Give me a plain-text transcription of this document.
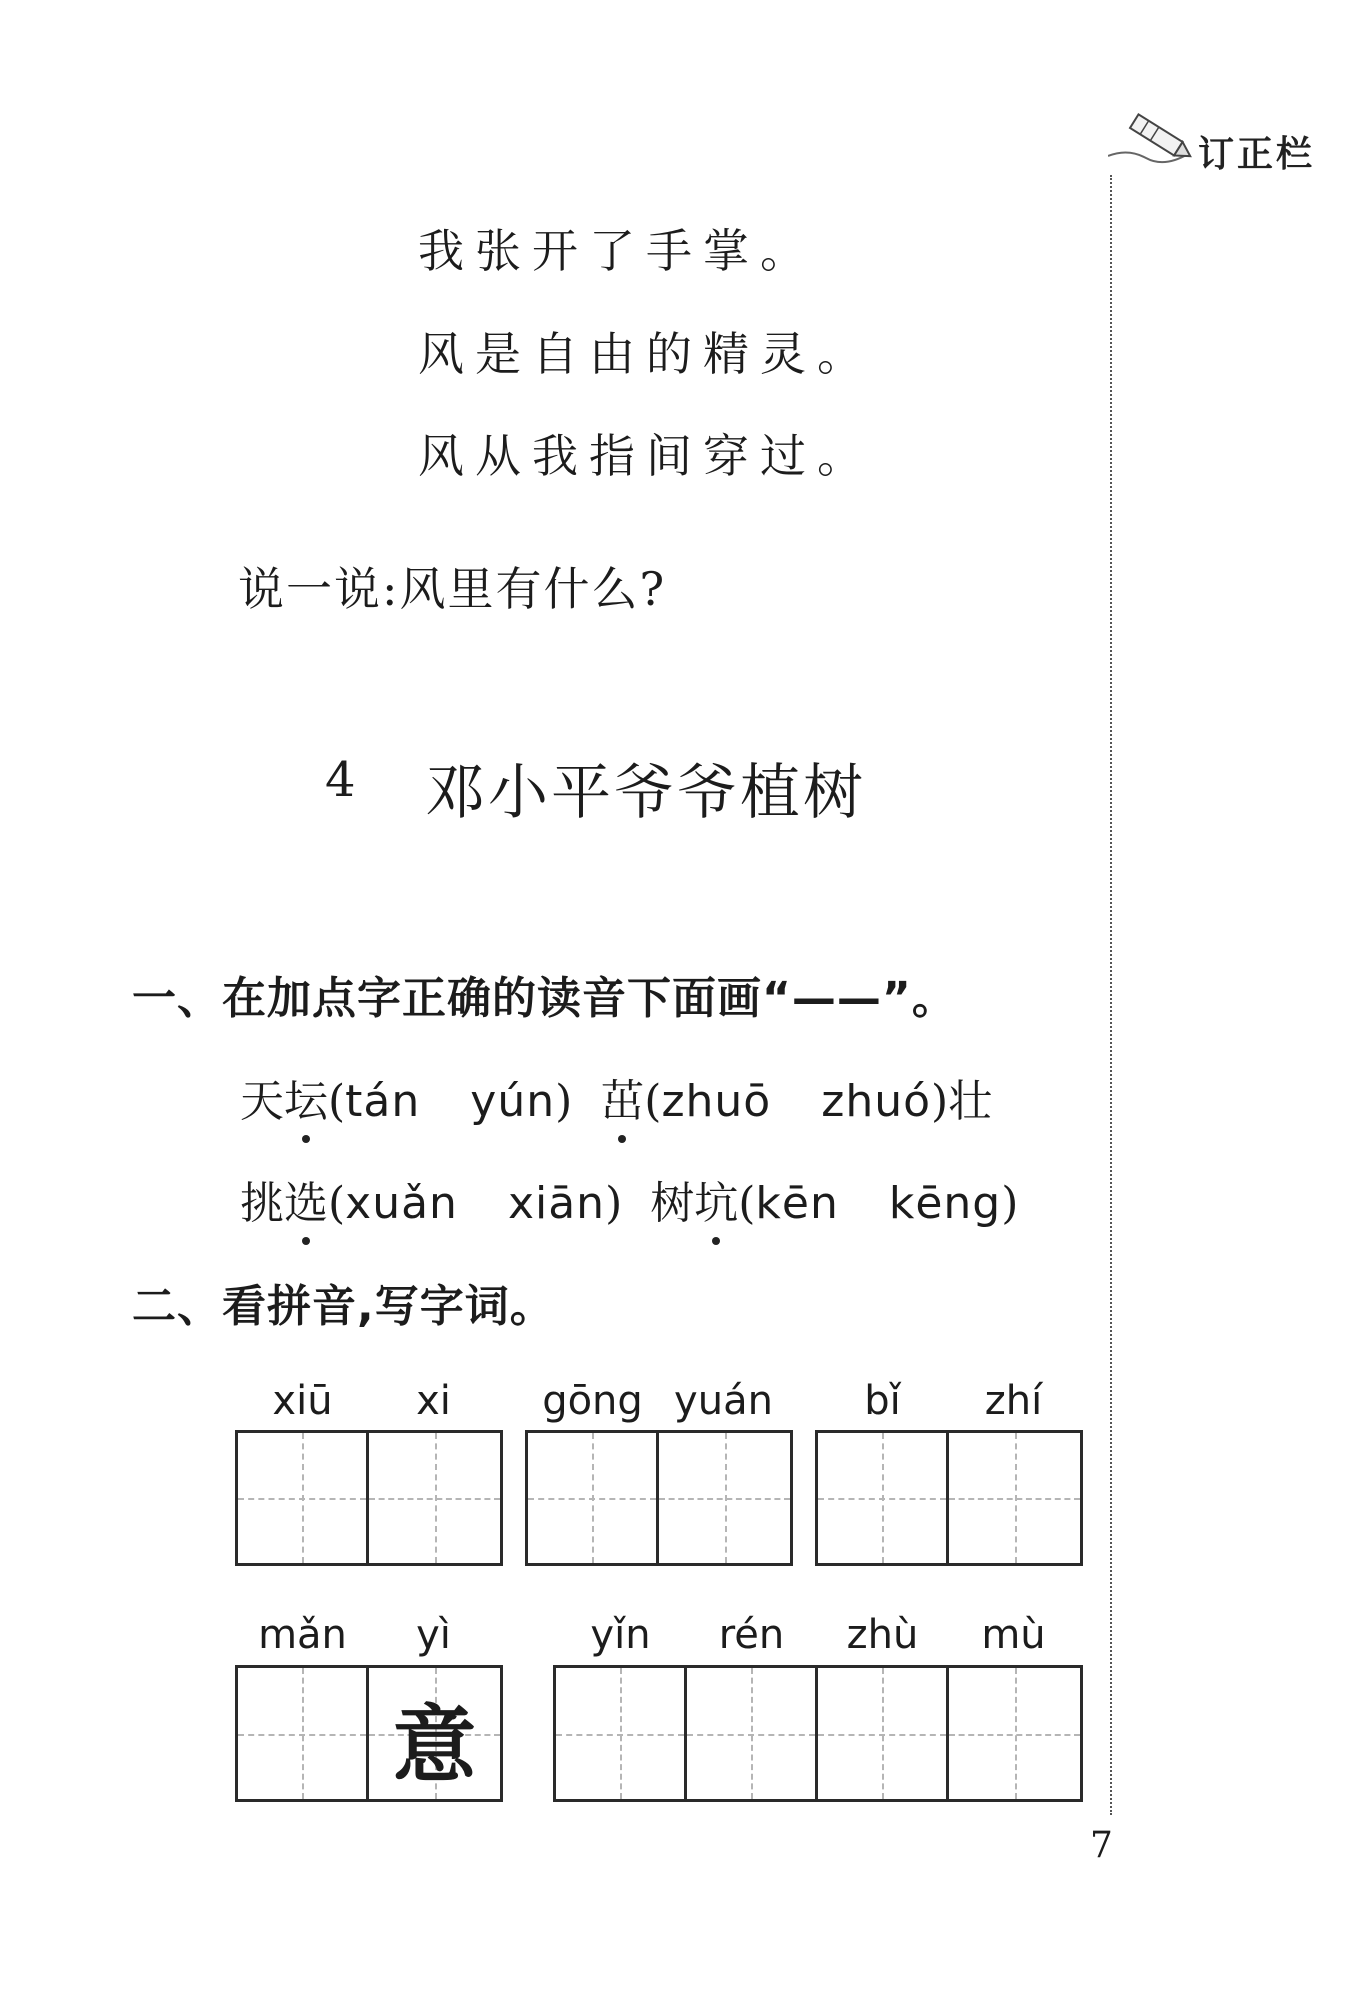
订正栏
我张开了手掌。
风是自由的精灵。
风从我指间穿过。
说一说:风里有什么?
4 邓小平爷爷植树
一、在加点字正确的读音下面画“——”。
天坛(tán yún) 茁(zhuō zhuó)壮
挑选(xuǎn xiān) 树坑(kēn kēng)
二、看拼音,写字词。
xiū	xi	gōng yuán	bǐ	zhí
mǎn	yì
意
yǐn	rén	zhù	mù
7
